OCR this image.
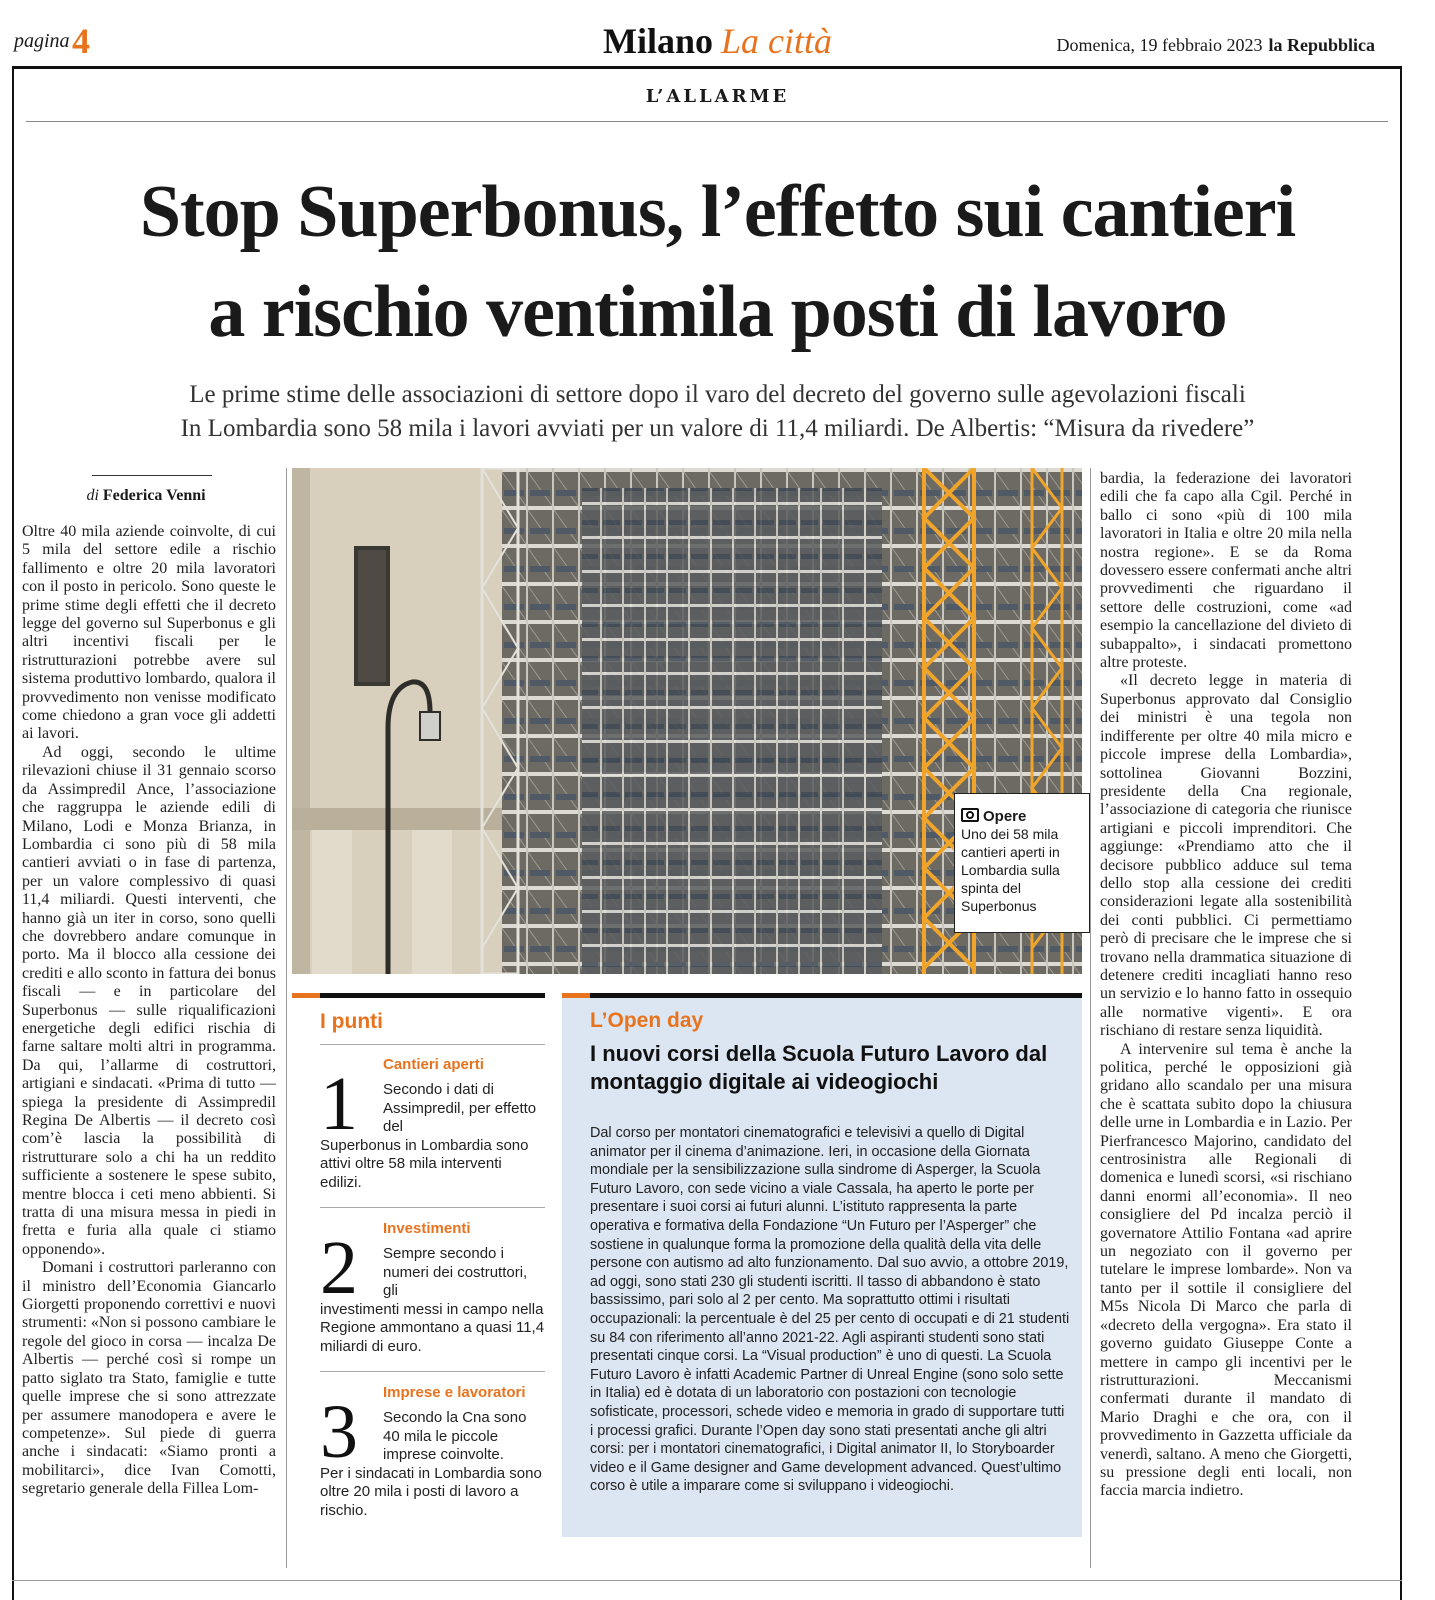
pagina 4	Milano La città	Domenica, 19 febbraio 2023 la Repubblica
L’ALLARME
Stop Superbonus, l’effetto sui cantieri
a rischio ventimila posti di lavoro
Le prime stime delle associazioni di settore dopo il varo del decreto del governo sulle agevolazioni fiscali
In Lombardia sono 58 mila i lavori avviati per un valore di 11,4 miliardi. De Albertis: “Misura da rivedere”
di Federica Venni

Oltre 40 mila aziende coinvolte, di cui 5 mila del settore edile a rischio fallimento e oltre 20 mila lavoratori con il posto in pericolo. Sono queste le prime stime degli effetti che il decreto legge del governo sul Superbonus e gli altri incentivi fiscali per le ristrutturazioni potrebbe avere sul sistema produttivo lombardo, qualora il provvedimento non venisse modificato come chiedono a gran voce gli addetti ai lavori.

Ad oggi, secondo le ultime rilevazioni chiuse il 31 gennaio scorso da Assimpredil Ance, l’associazione che raggruppa le aziende edili di Milano, Lodi e Monza Brianza, in Lombardia ci sono più di 58 mila cantieri avviati o in fase di partenza, per un valore complessivo di quasi 11,4 miliardi. Questi interventi, che hanno già un iter in corso, sono quelli che dovrebbero andare comunque in porto. Ma il blocco alla cessione dei crediti e allo sconto in fattura dei bonus fiscali — e in particolare del Superbonus — sulle riqualificazioni energetiche degli edifici rischia di farne saltare molti altri in programma. Da qui, l’allarme di costruttori, artigiani e sindacati. «Prima di tutto — spiega la presidente di Assimpredil Regina De Albertis — il decreto così com’è lascia la possibilità di ristrutturare solo a chi ha un reddito sufficiente a sostenere le spese subito, mentre blocca i ceti meno abbienti. Si tratta di una misura messa in piedi in fretta e furia alla quale ci stiamo opponendo».

Domani i costruttori parleranno con il ministro dell’Economia Giancarlo Giorgetti proponendo correttivi e nuovi strumenti: «Non si possono cambiare le regole del gioco in corsa — incalza De Albertis — perché così si rompe un patto siglato tra Stato, famiglie e tutte quelle imprese che si sono attrezzate per assumere manodopera e avere le competenze». Sul piede di guerra anche i sindacati: «Siamo pronti a mobilitarci», dice Ivan Comotti, segretario generale della Fillea Lom-

Opere
Uno dei 58 mila cantieri aperti in Lombardia sulla spinta del Superbonus
I punti
1	Cantieri aperti
Secondo i dati di Assimpredil, per effetto del
Superbonus in Lombardia sono attivi oltre 58 mila interventi edilizi.
2	Investimenti
Sempre secondo i numeri dei costruttori, gli
investimenti messi in campo nella Regione ammontano a quasi 11,4 miliardi di euro.
3	Imprese e lavoratori
Secondo la Cna sono 40 mila le piccole imprese coinvolte.
Per i sindacati in Lombardia sono oltre 20 mila i posti di lavoro a rischio.
L’Open day
I nuovi corsi della Scuola Futuro Lavoro dal montaggio digitale ai videogiochi
Dal corso per montatori cinematografici e televisivi a quello di Digital animator per il cinema d’animazione. Ieri, in occasione della Giornata mondiale per la sensibilizzazione sulla sindrome di Asperger, la Scuola Futuro Lavoro, con sede vicino a viale Cassala, ha aperto le porte per presentare i suoi corsi ai futuri alunni. L’istituto rappresenta la parte operativa e formativa della Fondazione “Un Futuro per l’Asperger” che sostiene in qualunque forma la promozione della qualità della vita delle persone con autismo ad alto funzionamento. Dal suo avvio, a ottobre 2019, ad oggi, sono stati 230 gli studenti iscritti. Il tasso di abbandono è stato bassissimo, pari solo al 2 per cento. Ma soprattutto ottimi i risultati occupazionali: la percentuale è del 25 per cento di occupati e di 21 studenti su 84 con riferimento all’anno 2021-22. Agli aspiranti studenti sono stati presentati cinque corsi. La “Visual production” è uno di questi. La Scuola Futuro Lavoro è infatti Academic Partner di Unreal Engine (sono solo sette in Italia) ed è dotata di un laboratorio con postazioni con tecnologie sofisticate, processori, schede video e memoria in grado di supportare tutti i processi grafici. Durante l’Open day sono stati presentati anche gli altri corsi: per i montatori cinematografici, i Digital animator II, lo Storyboarder video e il Game designer and Game development advanced. Quest’ultimo corso è utile a imparare come si sviluppano i videogiochi.

bardia, la federazione dei lavoratori edili che fa capo alla Cgil. Perché in ballo ci sono «più di 100 mila lavoratori in Italia e oltre 20 mila nella nostra regione». E se da Roma dovessero essere confermati anche altri provvedimenti che riguardano il settore delle costruzioni, come «ad esempio la cancellazione del divieto di subappalto», i sindacati promettono altre proteste.

«Il decreto legge in materia di Superbonus approvato dal Consiglio dei ministri è una tegola non indifferente per oltre 40 mila micro e piccole imprese della Lombardia», sottolinea Giovanni Bozzini, presidente della Cna regionale, l’associazione di categoria che riunisce artigiani e piccoli imprenditori. Che aggiunge: «Prendiamo atto che il decisore pubblico adduce sul tema dello stop alla cessione dei crediti considerazioni legate alla sostenibilità dei conti pubblici. Ci permettiamo però di precisare che le imprese che si trovano nella drammatica situazione di detenere crediti incagliati hanno reso un servizio e lo hanno fatto in ossequio alle normative vigenti». E ora rischiano di restare senza liquidità.

A intervenire sul tema è anche la politica, perché le opposizioni già gridano allo scandalo per una misura che è scattata subito dopo la chiusura delle urne in Lombardia e in Lazio. Per Pierfrancesco Majorino, candidato del centrosinistra alle Regionali di domenica e lunedì scorsi, «si rischiano danni enormi all’economia». Il neo consigliere del Pd incalza perciò il governatore Attilio Fontana «ad aprire un negoziato con il governo per tutelare le imprese lombarde». Non va tanto per il sottile il consigliere del M5s Nicola Di Marco che parla di «decreto della vergogna». Era stato il governo guidato Giuseppe Conte a mettere in campo gli incentivi per le ristrutturazioni. Meccanismi confermati durante il mandato di Mario Draghi e che ora, con il provvedimento in Gazzetta ufficiale da venerdì, saltano. A meno che Giorgetti, su pressione degli enti locali, non faccia marcia indietro.
